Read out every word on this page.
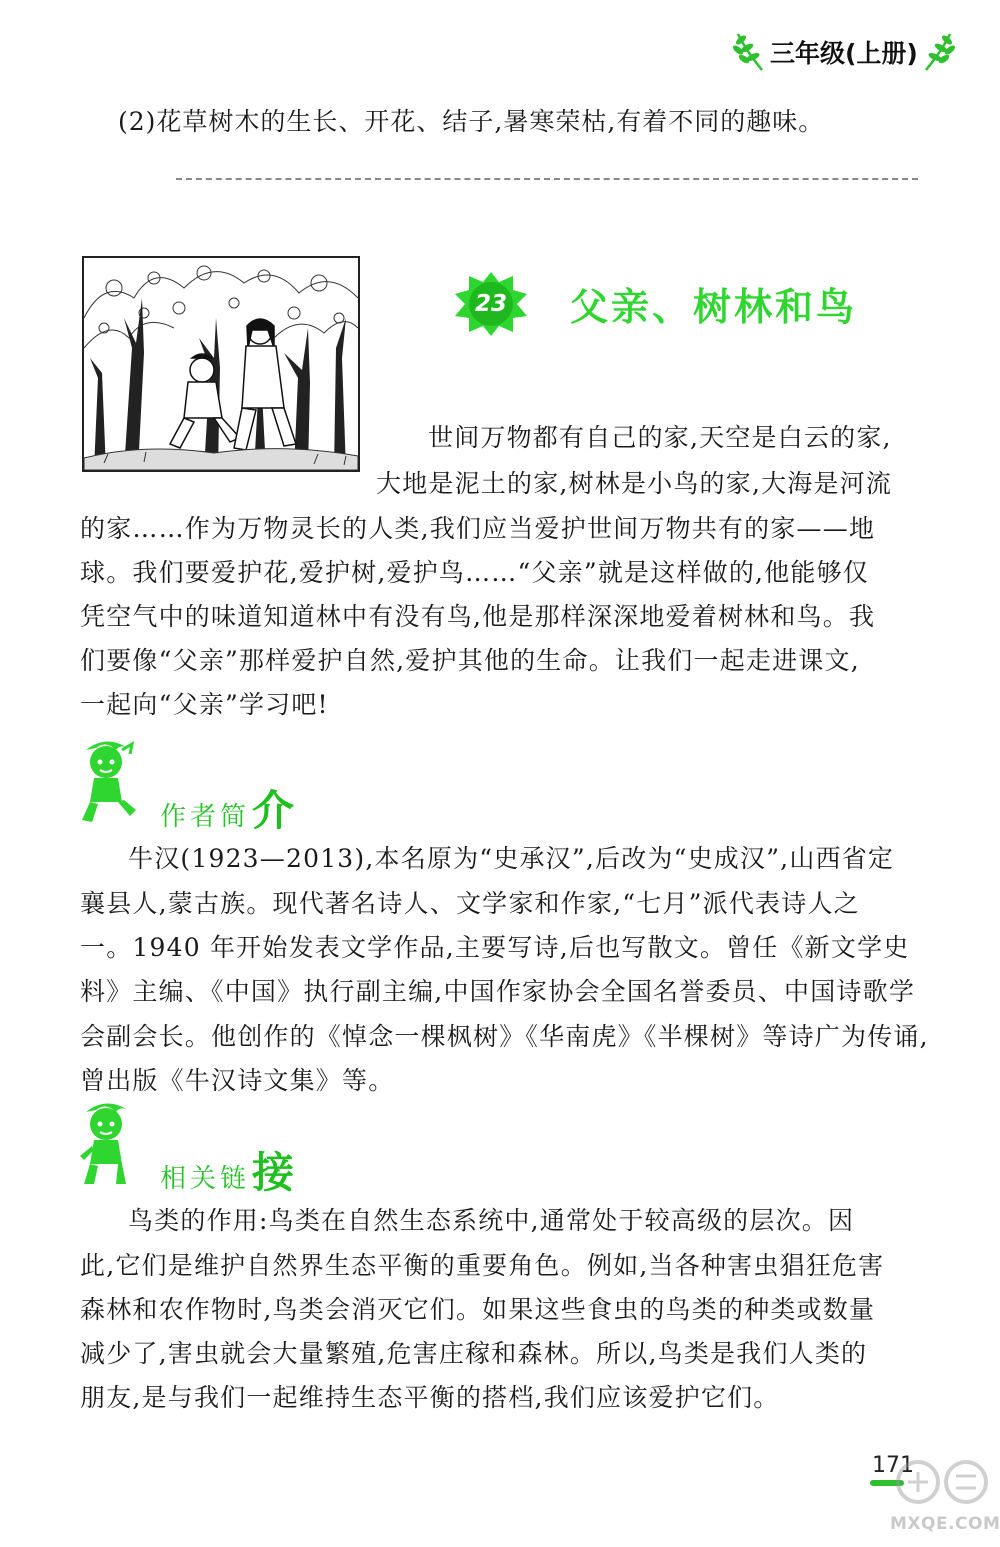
三年级(上册)
(2)花草树木的生长、开花、结子,暑寒荣枯,有着不同的趣味。
23	父亲、树林和鸟
世间万物都有自己的家,天空是白云的家,
大地是泥土的家,树林是小鸟的家,大海是河流
的家……作为万物灵长的人类,我们应当爱护世间万物共有的家——地
球。我们要爱护花,爱护树,爱护鸟……“父亲”就是这样做的,他能够仅
凭空气中的味道知道林中有没有鸟,他是那样深深地爱着树林和鸟。我
们要像“父亲”那样爱护自然,爱护其他的生命。让我们一起走进课文,
一起向“父亲”学习吧!
作者简介
牛汉(1923—2013),本名原为“史承汉”,后改为“史成汉”,山西省定
襄县人,蒙古族。现代著名诗人、文学家和作家,“七月”派代表诗人之
一。1940 年开始发表文学作品,主要写诗,后也写散文。曾任《新文学史
料》主编、《中国》执行副主编,中国作家协会全国名誉委员、中国诗歌学
会副会长。他创作的《悼念一棵枫树》《华南虎》《半棵树》等诗广为传诵,
曾出版《牛汉诗文集》等。
相关链接
鸟类的作用:鸟类在自然生态系统中,通常处于较高级的层次。因
此,它们是维护自然界生态平衡的重要角色。例如,当各种害虫猖狂危害
森林和农作物时,鸟类会消灭它们。如果这些食虫的鸟类的种类或数量
减少了,害虫就会大量繁殖,危害庄稼和森林。所以,鸟类是我们人类的
朋友,是与我们一起维持生态平衡的搭档,我们应该爱护它们。
171
MXQE.COM
